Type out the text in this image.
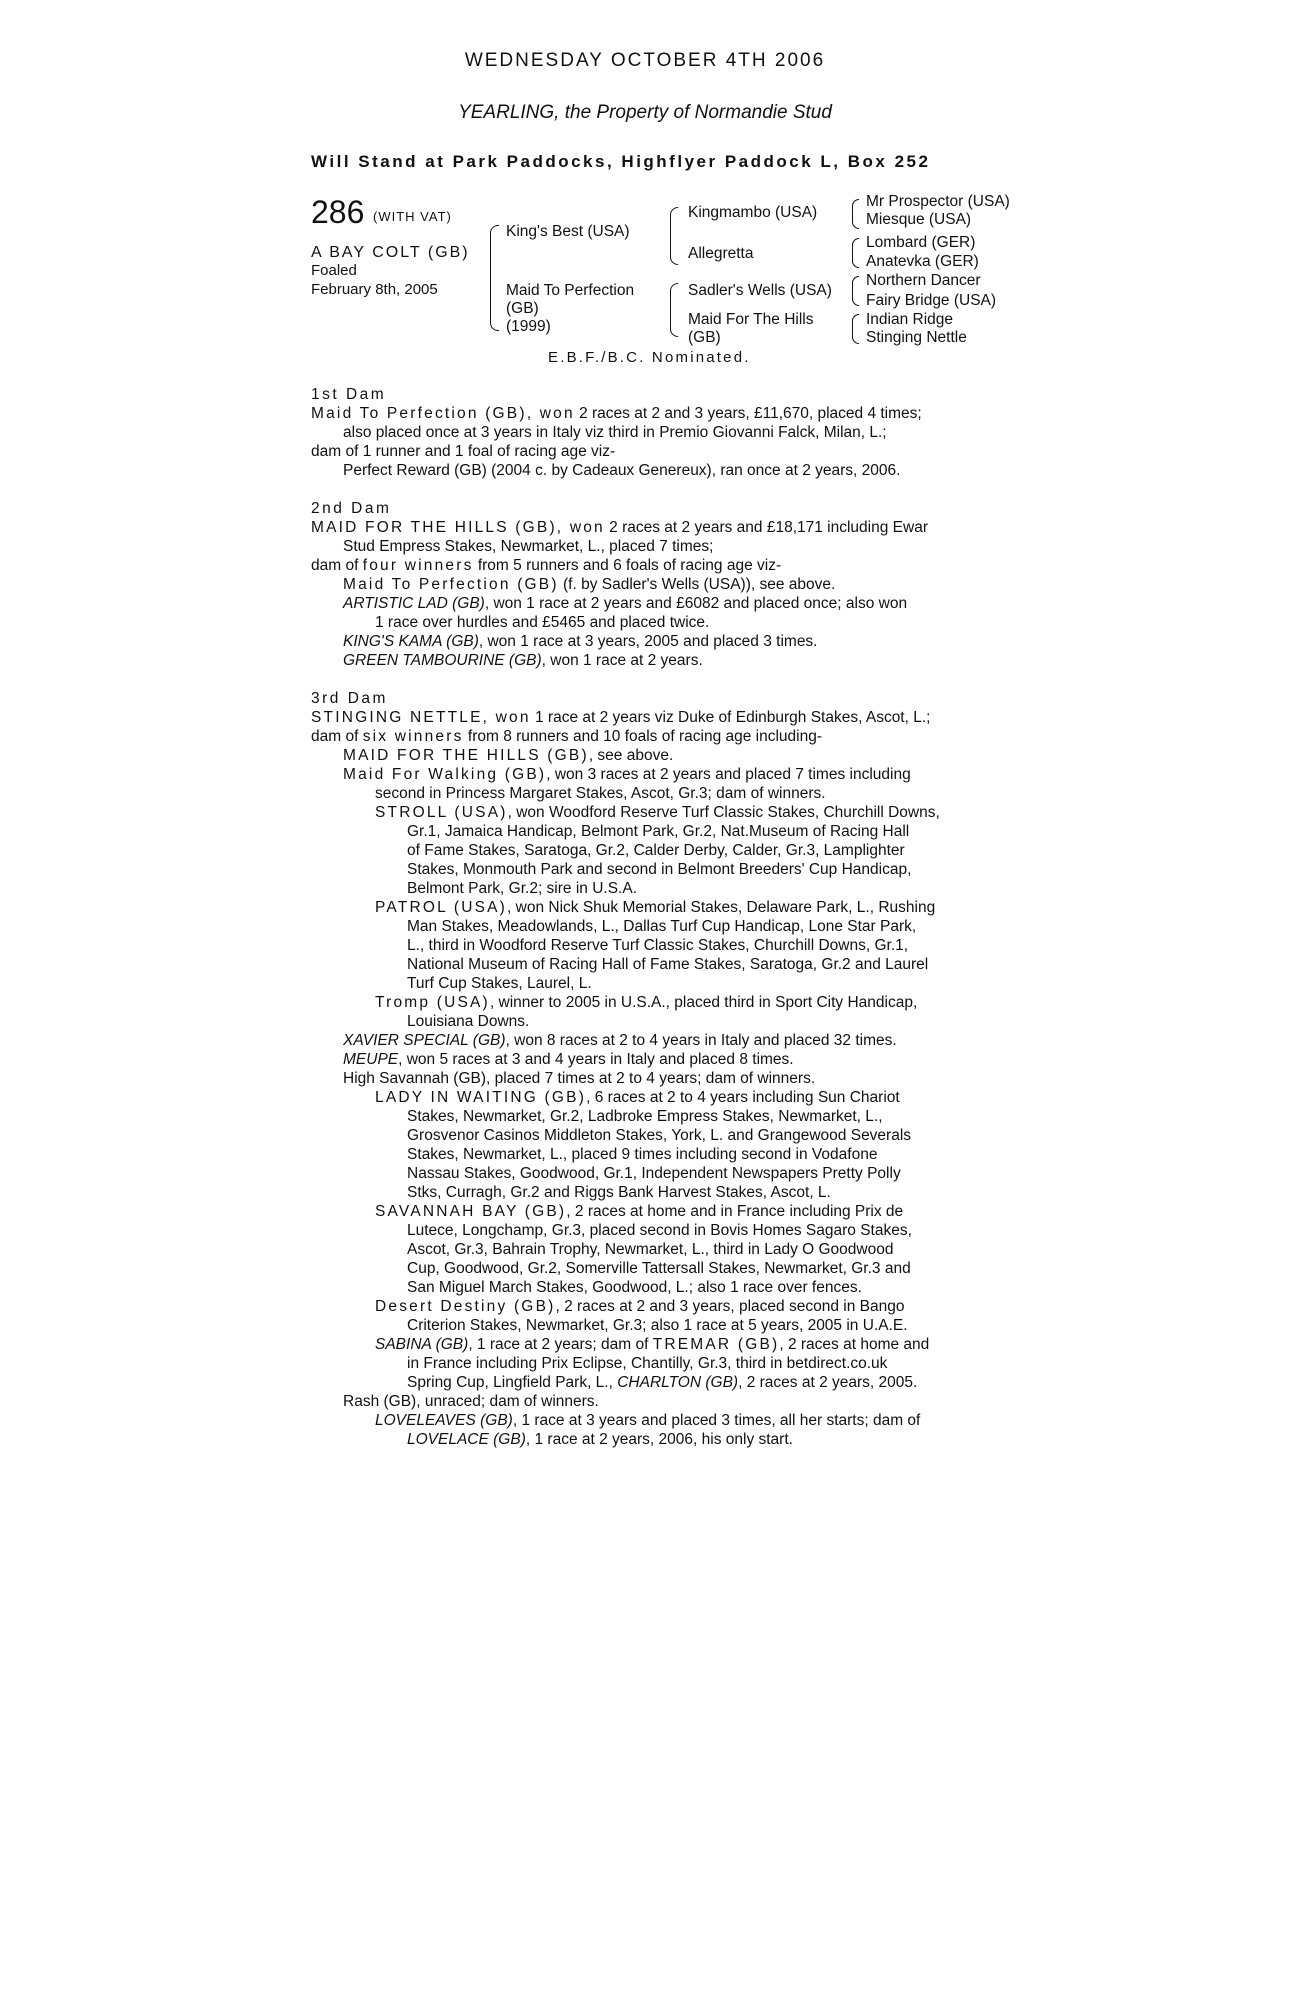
WEDNESDAY OCTOBER 4TH 2006
YEARLING, the Property of Normandie Stud
Will Stand at Park Paddocks, Highflyer Paddock L, Box 252
286 (WITH VAT)
A BAY COLT (GB)
Foaled
February 8th, 2005
King's Best (USA)
Maid To Perfection
(GB)
(1999)
Kingmambo (USA)
Allegretta
Sadler's Wells (USA)
Maid For The Hills
(GB)
Mr Prospector (USA)
Miesque (USA)
Lombard (GER)
Anatevka (GER)
Northern Dancer
Fairy Bridge (USA)
Indian Ridge
Stinging Nettle
E.B.F./B.C. Nominated.
1st Dam
Maid To Perfection (GB), won 2 races at 2 and 3 years, £11,670, placed 4 times;
also placed once at 3 years in Italy viz third in Premio Giovanni Falck, Milan, L.;
dam of 1 runner and 1 foal of racing age viz-
Perfect Reward (GB) (2004 c. by Cadeaux Genereux), ran once at 2 years, 2006.
2nd Dam
MAID FOR THE HILLS (GB), won 2 races at 2 years and £18,171 including Ewar
Stud Empress Stakes, Newmarket, L., placed 7 times;
dam of four winners from 5 runners and 6 foals of racing age viz-
Maid To Perfection (GB) (f. by Sadler's Wells (USA)), see above.
ARTISTIC LAD (GB), won 1 race at 2 years and £6082 and placed once; also won
1 race over hurdles and £5465 and placed twice.
KING'S KAMA (GB), won 1 race at 3 years, 2005 and placed 3 times.
GREEN TAMBOURINE (GB), won 1 race at 2 years.
3rd Dam
STINGING NETTLE, won 1 race at 2 years viz Duke of Edinburgh Stakes, Ascot, L.;
dam of six winners from 8 runners and 10 foals of racing age including-
MAID FOR THE HILLS (GB), see above.
Maid For Walking (GB), won 3 races at 2 years and placed 7 times including
second in Princess Margaret Stakes, Ascot, Gr.3; dam of winners.
STROLL (USA), won Woodford Reserve Turf Classic Stakes, Churchill Downs,
Gr.1, Jamaica Handicap, Belmont Park, Gr.2, Nat.Museum of Racing Hall
of Fame Stakes, Saratoga, Gr.2, Calder Derby, Calder, Gr.3, Lamplighter
Stakes, Monmouth Park and second in Belmont Breeders' Cup Handicap,
Belmont Park, Gr.2; sire in U.S.A.
PATROL (USA), won Nick Shuk Memorial Stakes, Delaware Park, L., Rushing
Man Stakes, Meadowlands, L., Dallas Turf Cup Handicap, Lone Star Park,
L., third in Woodford Reserve Turf Classic Stakes, Churchill Downs, Gr.1,
National Museum of Racing Hall of Fame Stakes, Saratoga, Gr.2 and Laurel
Turf Cup Stakes, Laurel, L.
Tromp (USA), winner to 2005 in U.S.A., placed third in Sport City Handicap,
Louisiana Downs.
XAVIER SPECIAL (GB), won 8 races at 2 to 4 years in Italy and placed 32 times.
MEUPE, won 5 races at 3 and 4 years in Italy and placed 8 times.
High Savannah (GB), placed 7 times at 2 to 4 years; dam of winners.
LADY IN WAITING (GB), 6 races at 2 to 4 years including Sun Chariot
Stakes, Newmarket, Gr.2, Ladbroke Empress Stakes, Newmarket, L.,
Grosvenor Casinos Middleton Stakes, York, L. and Grangewood Severals
Stakes, Newmarket, L., placed 9 times including second in Vodafone
Nassau Stakes, Goodwood, Gr.1, Independent Newspapers Pretty Polly
Stks, Curragh, Gr.2 and Riggs Bank Harvest Stakes, Ascot, L.
SAVANNAH BAY (GB), 2 races at home and in France including Prix de
Lutece, Longchamp, Gr.3, placed second in Bovis Homes Sagaro Stakes,
Ascot, Gr.3, Bahrain Trophy, Newmarket, L., third in Lady O Goodwood
Cup, Goodwood, Gr.2, Somerville Tattersall Stakes, Newmarket, Gr.3 and
San Miguel March Stakes, Goodwood, L.; also 1 race over fences.
Desert Destiny (GB), 2 races at 2 and 3 years, placed second in Bango
Criterion Stakes, Newmarket, Gr.3; also 1 race at 5 years, 2005 in U.A.E.
SABINA (GB), 1 race at 2 years; dam of TREMAR (GB), 2 races at home and
in France including Prix Eclipse, Chantilly, Gr.3, third in betdirect.co.uk
Spring Cup, Lingfield Park, L., CHARLTON (GB), 2 races at 2 years, 2005.
Rash (GB), unraced; dam of winners.
LOVELEAVES (GB), 1 race at 3 years and placed 3 times, all her starts; dam of
LOVELACE (GB), 1 race at 2 years, 2006, his only start.
